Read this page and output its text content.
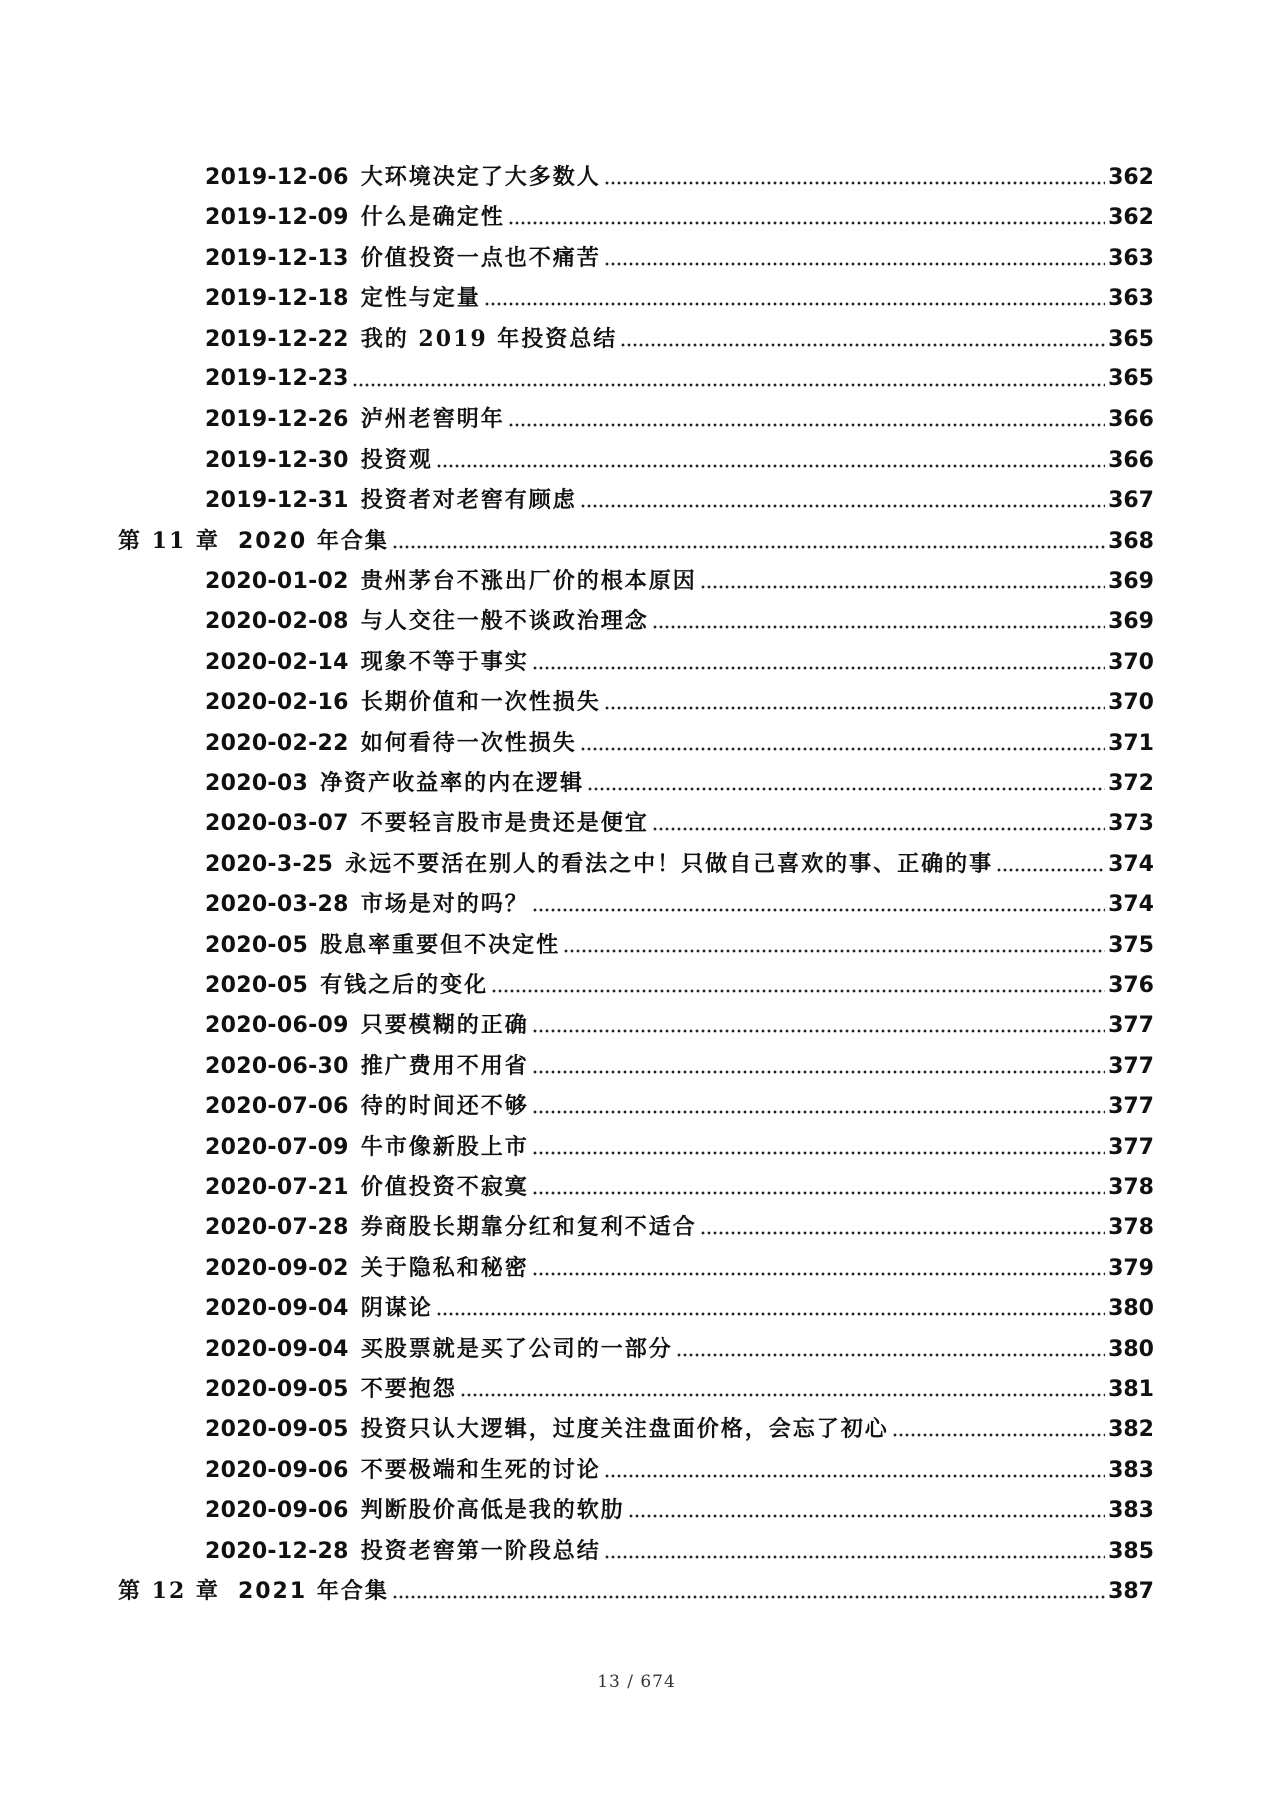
2019-12-06 大环境决定了大多数人	362
2019-12-09 什么是确定性	362
2019-12-13 价值投资一点也不痛苦	363
2019-12-18 定性与定量	363
2019-12-22 我的 2019 年投资总结	365
2019-12-23	365
2019-12-26 泸州老窖明年	366
2019-12-30 投资观	366
2019-12-31 投资者对老窖有顾虑	367
第 11 章 2020 年合集	368
2020-01-02 贵州茅台不涨出厂价的根本原因	369
2020-02-08 与人交往一般不谈政治理念	369
2020-02-14 现象不等于事实	370
2020-02-16 长期价值和一次性损失	370
2020-02-22 如何看待一次性损失	371
2020-03 净资产收益率的内在逻辑	372
2020-03-07 不要轻言股市是贵还是便宜	373
2020-3-25 永远不要活在别人的看法之中！只做自己喜欢的事、正确的事	374
2020-03-28 市场是对的吗？	374
2020-05 股息率重要但不决定性	375
2020-05 有钱之后的变化	376
2020-06-09 只要模糊的正确	377
2020-06-30 推广费用不用省	377
2020-07-06 待的时间还不够	377
2020-07-09 牛市像新股上市	377
2020-07-21 价值投资不寂寞	378
2020-07-28 券商股长期靠分红和复利不适合	378
2020-09-02 关于隐私和秘密	379
2020-09-04 阴谋论	380
2020-09-04 买股票就是买了公司的一部分	380
2020-09-05 不要抱怨	381
2020-09-05 投资只认大逻辑，过度关注盘面价格，会忘了初心	382
2020-09-06 不要极端和生死的讨论	383
2020-09-06 判断股价高低是我的软肋	383
2020-12-28 投资老窖第一阶段总结	385
第 12 章 2021 年合集	387
13 / 674
